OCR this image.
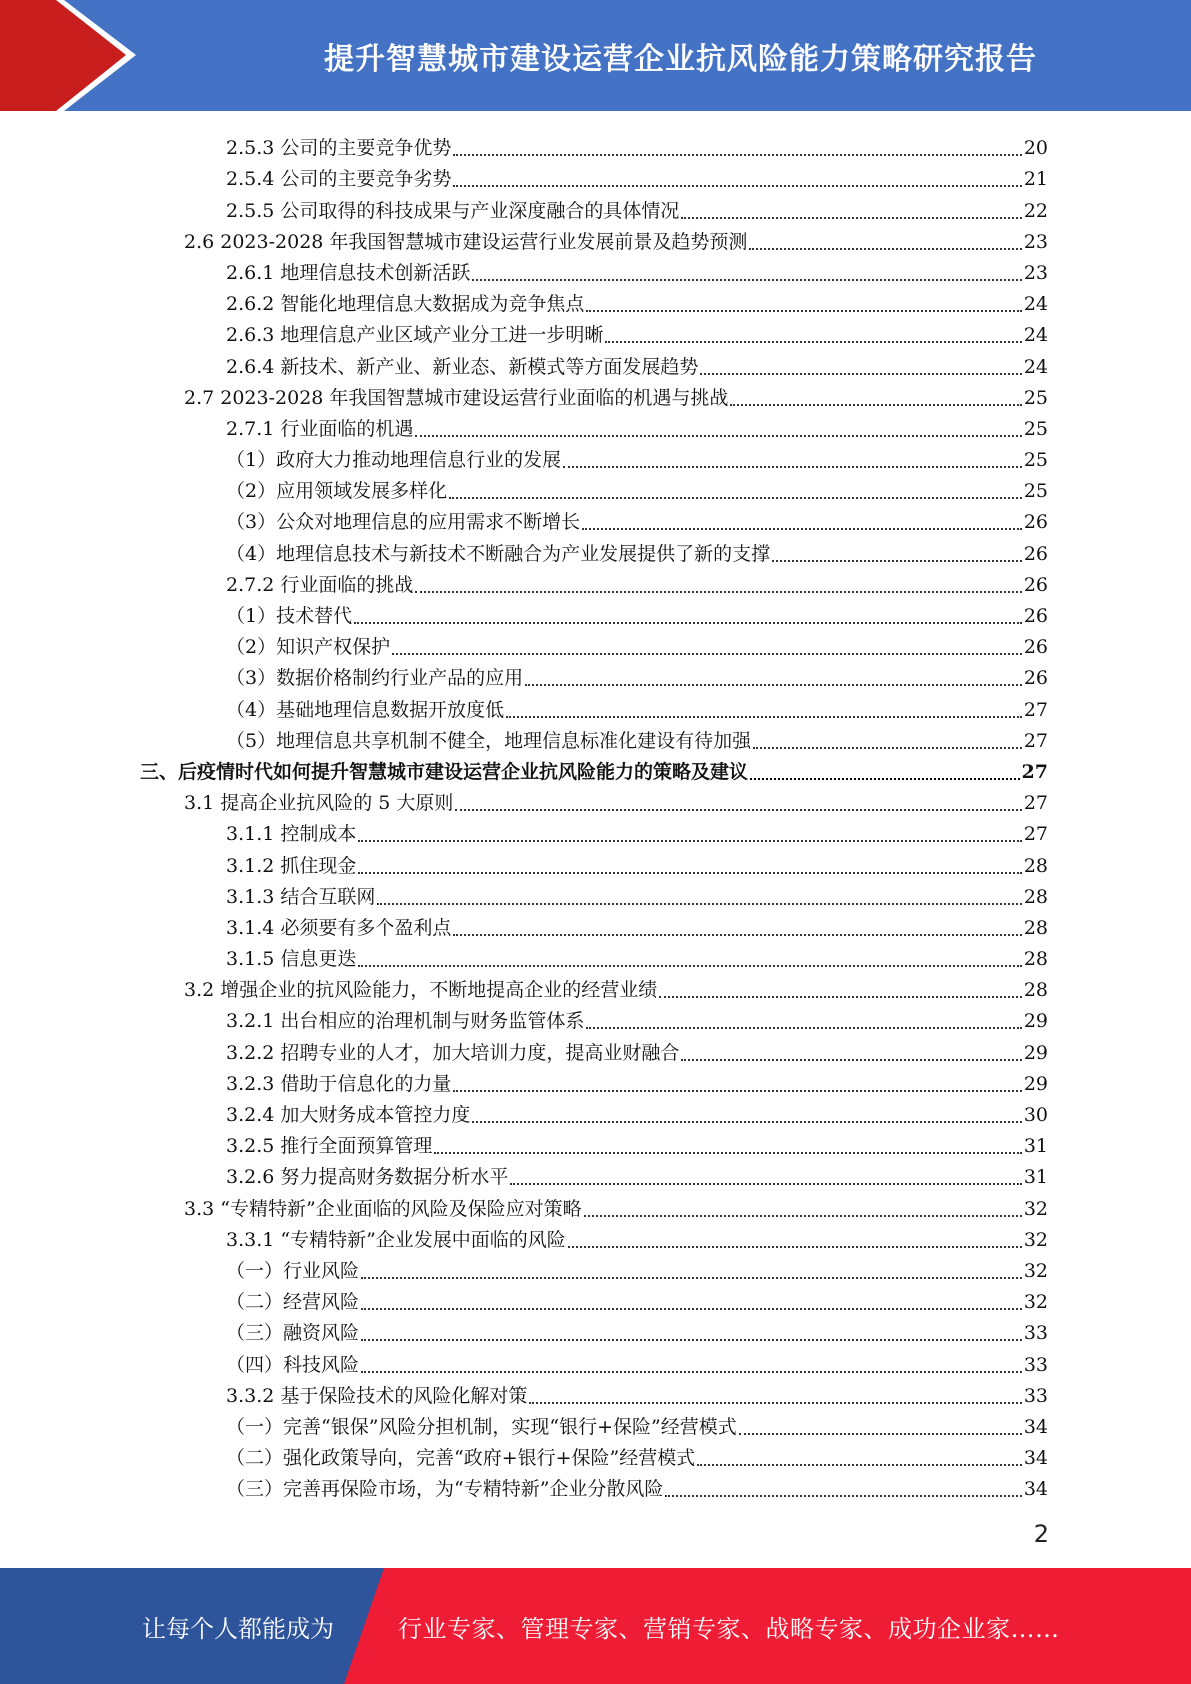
提升智慧城市建设运营企业抗风险能力策略研究报告
2.5.3 公司的主要竞争优势	20
2.5.4 公司的主要竞争劣势	21
2.5.5 公司取得的科技成果与产业深度融合的具体情况	22
2.6 2023-2028 年我国智慧城市建设运营行业发展前景及趋势预测	23
2.6.1 地理信息技术创新活跃	23
2.6.2 智能化地理信息大数据成为竞争焦点	24
2.6.3 地理信息产业区域产业分工进一步明晰	24
2.6.4 新技术、新产业、新业态、新模式等方面发展趋势	24
2.7 2023-2028 年我国智慧城市建设运营行业面临的机遇与挑战	25
2.7.1 行业面临的机遇	25
（1）政府大力推动地理信息行业的发展	25
（2）应用领域发展多样化	25
（3）公众对地理信息的应用需求不断增长	26
（4）地理信息技术与新技术不断融合为产业发展提供了新的支撑	26
2.7.2 行业面临的挑战	26
（1）技术替代	26
（2）知识产权保护	26
（3）数据价格制约行业产品的应用	26
（4）基础地理信息数据开放度低	27
（5）地理信息共享机制不健全，地理信息标准化建设有待加强	27
三、后疫情时代如何提升智慧城市建设运营企业抗风险能力的策略及建议	27
3.1 提高企业抗风险的 5 大原则	27
3.1.1 控制成本	27
3.1.2 抓住现金	28
3.1.3 结合互联网	28
3.1.4 必须要有多个盈利点	28
3.1.5 信息更迭	28
3.2 增强企业的抗风险能力，不断地提高企业的经营业绩	28
3.2.1 出台相应的治理机制与财务监管体系	29
3.2.2 招聘专业的人才，加大培训力度，提高业财融合	29
3.2.3 借助于信息化的力量	29
3.2.4 加大财务成本管控力度	30
3.2.5 推行全面预算管理	31
3.2.6 努力提高财务数据分析水平	31
3.3 “专精特新”企业面临的风险及保险应对策略	32
3.3.1 “专精特新”企业发展中面临的风险	32
（一）行业风险	32
（二）经营风险	32
（三）融资风险	33
（四）科技风险	33
3.3.2 基于保险技术的风险化解对策	33
（一）完善“银保”风险分担机制，实现“银行+保险”经营模式	34
（二）强化政策导向，完善“政府+银行+保险”经营模式	34
（三）完善再保险市场，为“专精特新”企业分散风险	34
2
让每个人都能成为	行业专家、管理专家、营销专家、战略专家、成功企业家……
